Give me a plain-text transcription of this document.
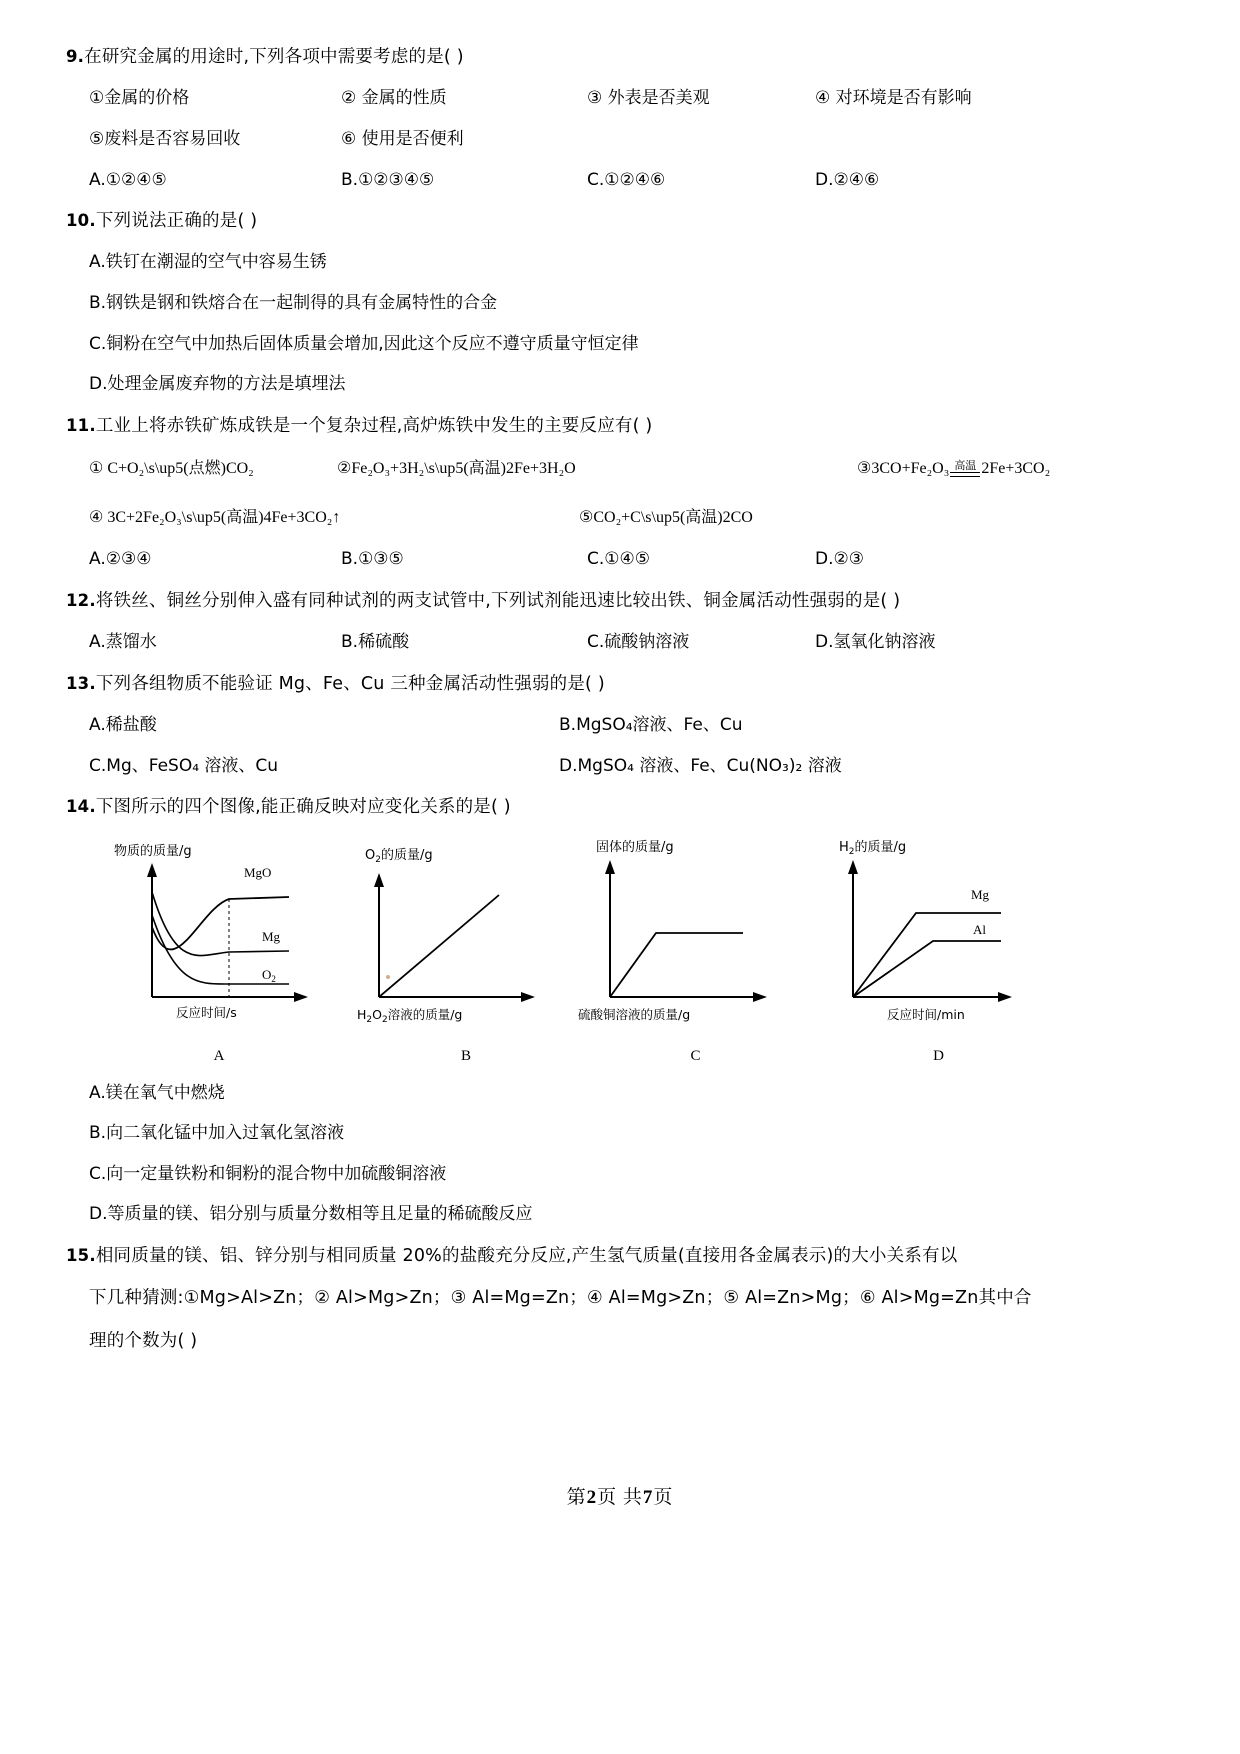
9.在研究金属的用途时,下列各项中需要考虑的是( )
①金属的价格	② 金属的性质	③ 外表是否美观	④ 对环境是否有影响
⑤废料是否容易回收	⑥ 使用是否便利
A.①②④⑤	B.①②③④⑤	C.①②④⑥	D.②④⑥
10.下列说法正确的是( )
A.铁钉在潮湿的空气中容易生锈
B.钢铁是钢和铁熔合在一起制得的具有金属特性的合金
C.铜粉在空气中加热后固体质量会增加,因此这个反应不遵守质量守恒定律
D.处理金属废弃物的方法是填埋法
11.工业上将赤铁矿炼成铁是一个复杂过程,高炉炼铁中发生的主要反应有( )
① C+O₂\s\up5(点燃)CO₂	②Fe₂O₃+3H₂\s\up5(高温)2Fe+3H₂O	③3CO+Fe₂O₃ 高温 2Fe+3CO₂
④ 3C+2Fe₂O₃\s\up5(高温)4Fe+3CO₂↑	⑤CO₂+C\s\up5(高温)2CO
A.②③④	B.①③⑤	C.①④⑤	D.②③
12.将铁丝、铜丝分别伸入盛有同种试剂的两支试管中,下列试剂能迅速比较出铁、铜金属活动性强弱的是( )
A.蒸馏水	B.稀硫酸	C.硫酸钠溶液	D.氢氧化钠溶液
13.下列各组物质不能验证 Mg、Fe、Cu 三种金属活动性强弱的是( )
A.稀盐酸	B.MgSO₄溶液、Fe、Cu
C.Mg、FeSO₄ 溶液、Cu	D.MgSO₄ 溶液、Fe、Cu(NO₃)₂ 溶液
14.下图所示的四个图像,能正确反映对应变化关系的是( )
物质的质量/g
MgO
Mg
$O_2$
反应时间/s
A
$O_2$的质量/g
$H_2O_2$溶液的质量/g
B
固体的质量/g
硫酸铜溶液的质量/g
C
$H_2$的质量/g
Mg
Al
反应时间/min
D
A.镁在氧气中燃烧
B.向二氧化锰中加入过氧化氢溶液
C.向一定量铁粉和铜粉的混合物中加硫酸铜溶液
D.等质量的镁、铝分别与质量分数相等且足量的稀硫酸反应
15.相同质量的镁、铝、锌分别与相同质量 20%的盐酸充分反应,产生氢气质量(直接用各金属表示)的大小关系有以
下几种猜测:①Mg>Al>Zn；② Al>Mg>Zn；③ Al=Mg=Zn；④ Al=Mg>Zn；⑤ Al=Zn>Mg；⑥ Al>Mg=Zn其中合
理的个数为( )
第2页 共7页
